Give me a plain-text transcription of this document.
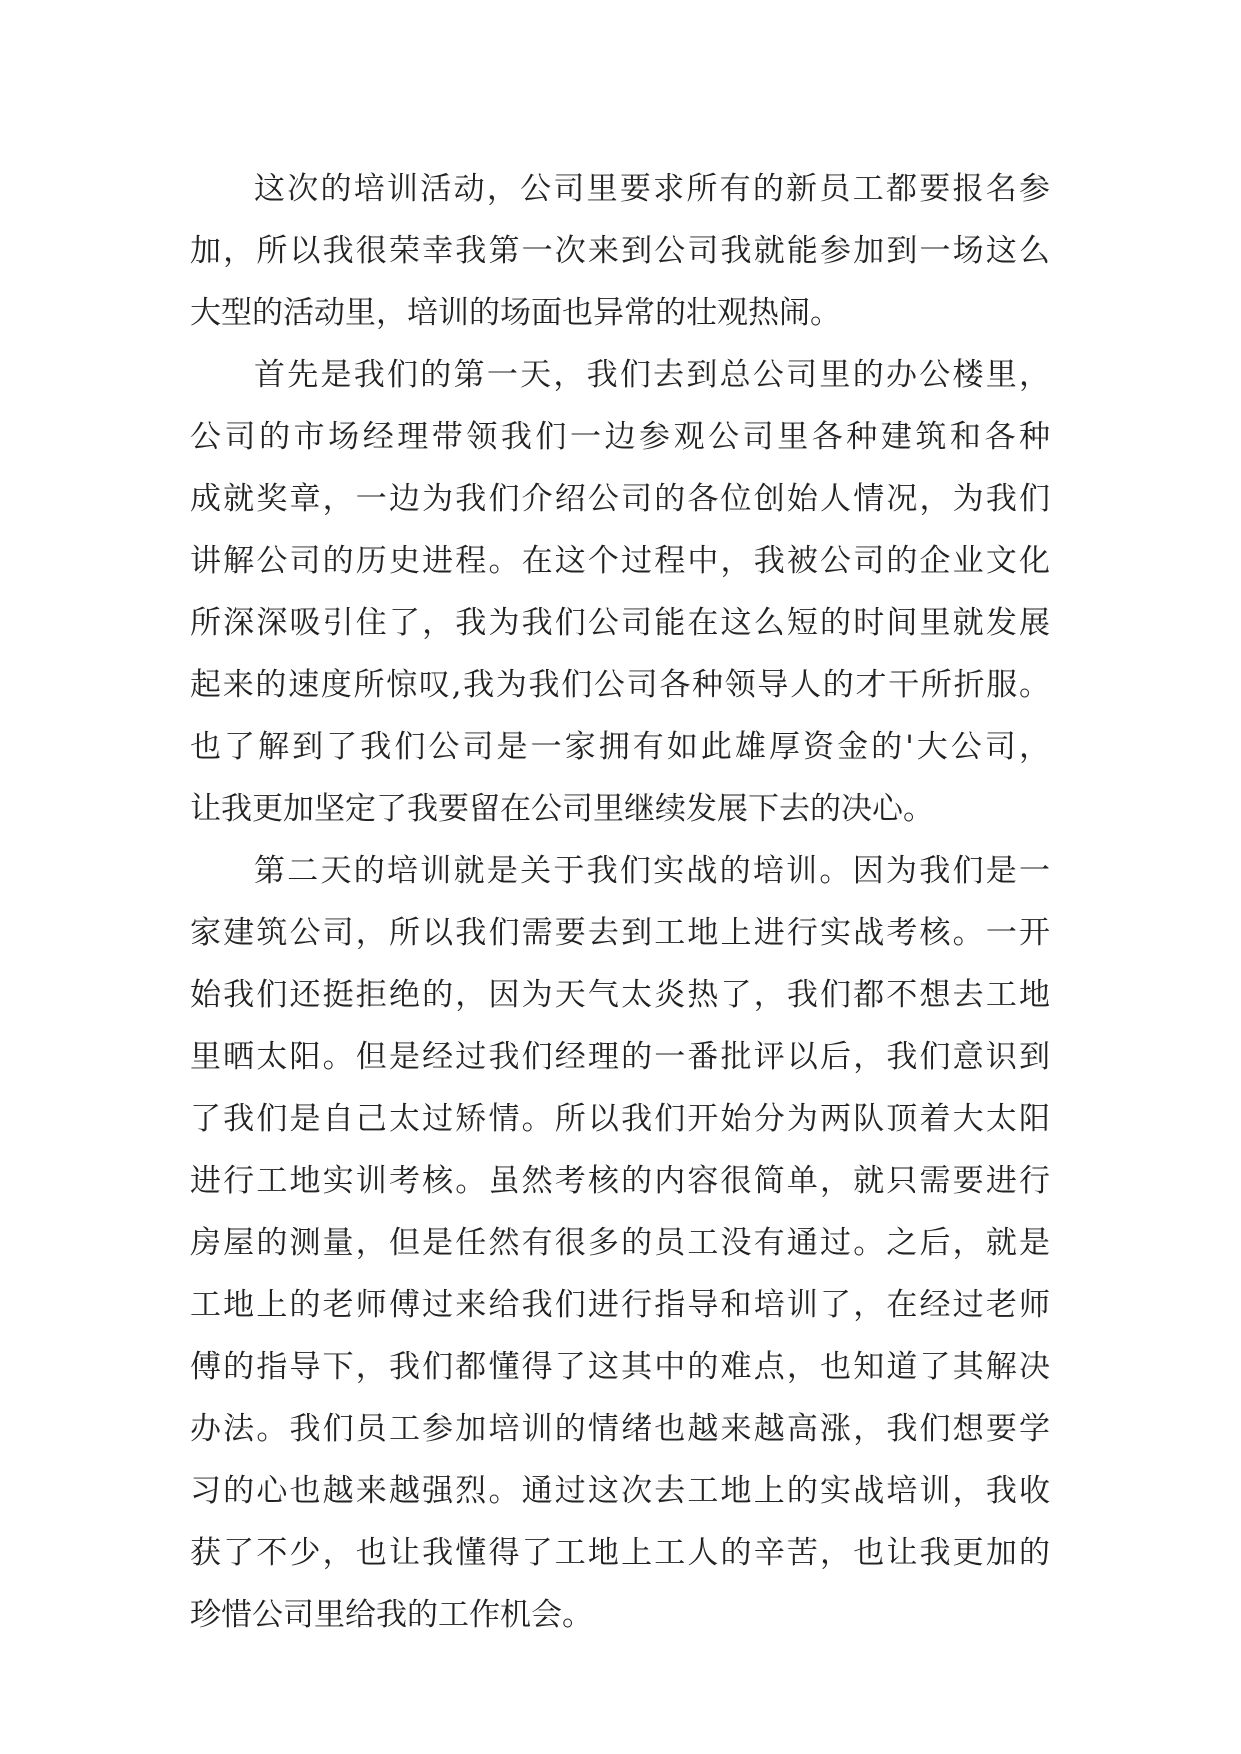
这次的培训活动，公司里要求所有的新员工都要报名参
加，所以我很荣幸我第一次来到公司我就能参加到一场这么
大型的活动里，培训的场面也异常的壮观热闹。
首先是我们的第一天，我们去到总公司里的办公楼里，
公司的市场经理带领我们一边参观公司里各种建筑和各种
成就奖章，一边为我们介绍公司的各位创始人情况，为我们
讲解公司的历史进程。在这个过程中，我被公司的企业文化
所深深吸引住了，我为我们公司能在这么短的时间里就发展
起来的速度所惊叹,我为我们公司各种领导人的才干所折服。
也了解到了我们公司是一家拥有如此雄厚资金的'大公司，
让我更加坚定了我要留在公司里继续发展下去的决心。
第二天的培训就是关于我们实战的培训。因为我们是一
家建筑公司，所以我们需要去到工地上进行实战考核。一开
始我们还挺拒绝的，因为天气太炎热了，我们都不想去工地
里晒太阳。但是经过我们经理的一番批评以后，我们意识到
了我们是自己太过矫情。所以我们开始分为两队顶着大太阳
进行工地实训考核。虽然考核的内容很简单，就只需要进行
房屋的测量，但是任然有很多的员工没有通过。之后，就是
工地上的老师傅过来给我们进行指导和培训了，在经过老师
傅的指导下，我们都懂得了这其中的难点，也知道了其解决
办法。我们员工参加培训的情绪也越来越高涨，我们想要学
习的心也越来越强烈。通过这次去工地上的实战培训，我收
获了不少，也让我懂得了工地上工人的辛苦，也让我更加的
珍惜公司里给我的工作机会。
